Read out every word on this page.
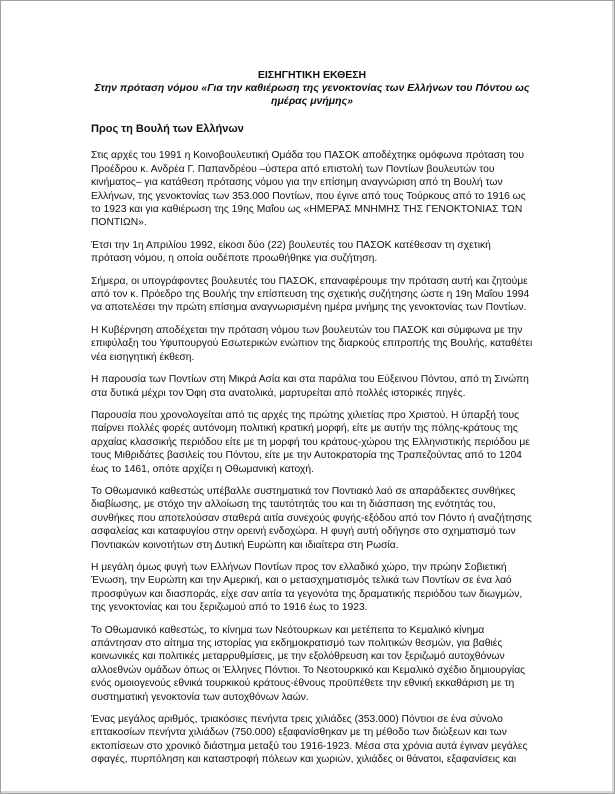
ΕΙΣΗΓΗΤΙΚΗ ΕΚΘΕΣΗ
Στην πρόταση νόμου «Για την καθιέρωση της γενοκτονίας των Ελλήνων του Πόντου ως ημέρας μνήμης»
Προς τη Βουλή των Ελλήνων

Στις αρχές του 1991 η Κοινοβουλευτική Ομάδα του ΠΑΣΟΚ αποδέχτηκε ομόφωνα πρόταση του Προέδρου κ. Ανδρέα Γ. Παπανδρέου –ύστερα από επιστολή των Ποντίων βουλευτών του κινήματος– για κατάθεση πρότασης νόμου για την επίσημη αναγνώριση από τη Βουλή των Ελλήνων, της γενοκτονίας των 353.000 Ποντίων, που έγινε από τους Τούρκους από το 1916 ως το 1923 και για καθιέρωση της 19ης Μαΐου ως «ΗΜΕΡΑΣ ΜΝΗΜΗΣ ΤΗΣ ΓΕΝΟΚΤΟΝΙΑΣ ΤΩΝ ΠΟΝΤΙΩΝ».

Έτσι την 1η Απριλίου 1992, είκοσι δύο (22) βουλευτές του ΠΑΣΟΚ κατέθεσαν τη σχετική πρόταση νόμου, η οποία ουδέποτε προωθήθηκε για συζήτηση.

Σήμερα, οι υπογράφοντες βουλευτές του ΠΑΣΟΚ, επαναφέρουμε την πρόταση αυτή και ζητούμε από τον κ. Πρόεδρο της Βουλής την επίσπευση της σχετικής συζήτησης ώστε η 19η Μαΐου 1994 να αποτελέσει την πρώτη επίσημα αναγνωρισμένη ημέρα μνήμης της γενοκτονίας των Ποντίων.

Η Κυβέρνηση αποδέχεται την πρόταση νόμου των βουλευτών του ΠΑΣΟΚ και σύμφωνα με την επιφύλαξη του Υφυπουργού Εσωτερικών ενώπιον της διαρκούς επιτροπής της Βουλής, καταθέτει νέα εισηγητική έκθεση.

Η παρουσία των Ποντίων στη Μικρά Ασία και στα παράλια του Εύξεινου Πόντου, από τη Σινώπη στα δυτικά μέχρι τον Όφη στα ανατολικά, μαρτυρείται από πολλές ιστορικές πηγές.

Παρουσία που χρονολογείται από τις αρχές της πρώτης χιλιετίας προ Χριστού. Η ύπαρξή τους παίρνει πολλές φορές αυτόνομη πολιτική κρατική μορφή, είτε με αυτήν της πόλης-κράτους της αρχαίας κλασσικής περιόδου είτε με τη μορφή του κράτους-χώρου της Ελληνιστικής περιόδου με τους Μιθριδάτες βασιλείς του Πόντου, είτε με την Αυτοκρατορία της Τραπεζούντας από το 1204 έως το 1461, οπότε αρχίζει η Οθωμανική κατοχή.

Το Οθωμανικό καθεστώς υπέβαλλε συστηματικά τον Ποντιακό λαό σε απαράδεκτες συνθήκες διαβίωσης, με στόχο την αλλοίωση της ταυτότητάς του και τη διάσπαση της ενότητάς του, συνθήκες που αποτελούσαν σταθερά αιτία συνεχούς φυγής-εξόδου από τον Πόντο ή αναζήτησης ασφαλείας και καταφυγίου στην ορεινή ενδοχώρα. Η φυγή αυτή οδήγησε στο σχηματισμό των Ποντιακών κοινοτήτων στη Δυτική Ευρώπη και ιδιαίτερα στη Ρωσία.

Η μεγάλη όμως φυγή των Ελλήνων Ποντίων προς τον ελλαδικό χώρο, την πρώην Σοβιετική Ένωση, την Ευρώπη και την Αμερική, και ο μετασχηματισμός τελικά των Ποντίων σε ένα λαό προσφύγων και διασποράς, είχε σαν αιτία τα γεγονότα της δραματικής περιόδου των διωγμών, της γενοκτονίας και του ξεριζωμού από το 1916 έως το 1923.

Το Οθωμανικό καθεστώς, το κίνημα των Νεότουρκων και μετέπειτα το Κεμαλικό κίνημα απάντησαν στο αίτημα της ιστορίας για εκδημοκρατισμό των πολιτικών θεσμών, για βαθιές κοινωνικές και πολιτικές μεταρρυθμίσεις, με την εξολόθρευση και τον ξεριζωμό αυτοχθόνων αλλοεθνών ομάδων όπως οι Έλληνες Πόντιοι. Το Νεοτουρκικό και Κεμαλικό σχέδιο δημιουργίας ενός ομοιογενούς εθνικά τουρκικού κράτους-έθνους προϋπέθετε την εθνική εκκαθάριση με τη συστηματική γενοκτονία των αυτοχθόνων λαών.

Ένας μεγάλος αριθμός, τριακόσιες πενήντα τρεις χιλιάδες (353.000) Πόντιοι σε ένα σύνολο επτακοσίων πενήντα χιλιάδων (750.000) εξαφανίσθηκαν με τη μέθοδο των διώξεων και των εκτοπίσεων στο χρονικό διάστημα μεταξύ του 1916-1923. Μέσα στα χρόνια αυτά έγιναν μεγάλες σφαγές, πυρπόληση και καταστροφή πόλεων και χωριών, χιλιάδες οι θάνατοι, εξαφανίσεις και
